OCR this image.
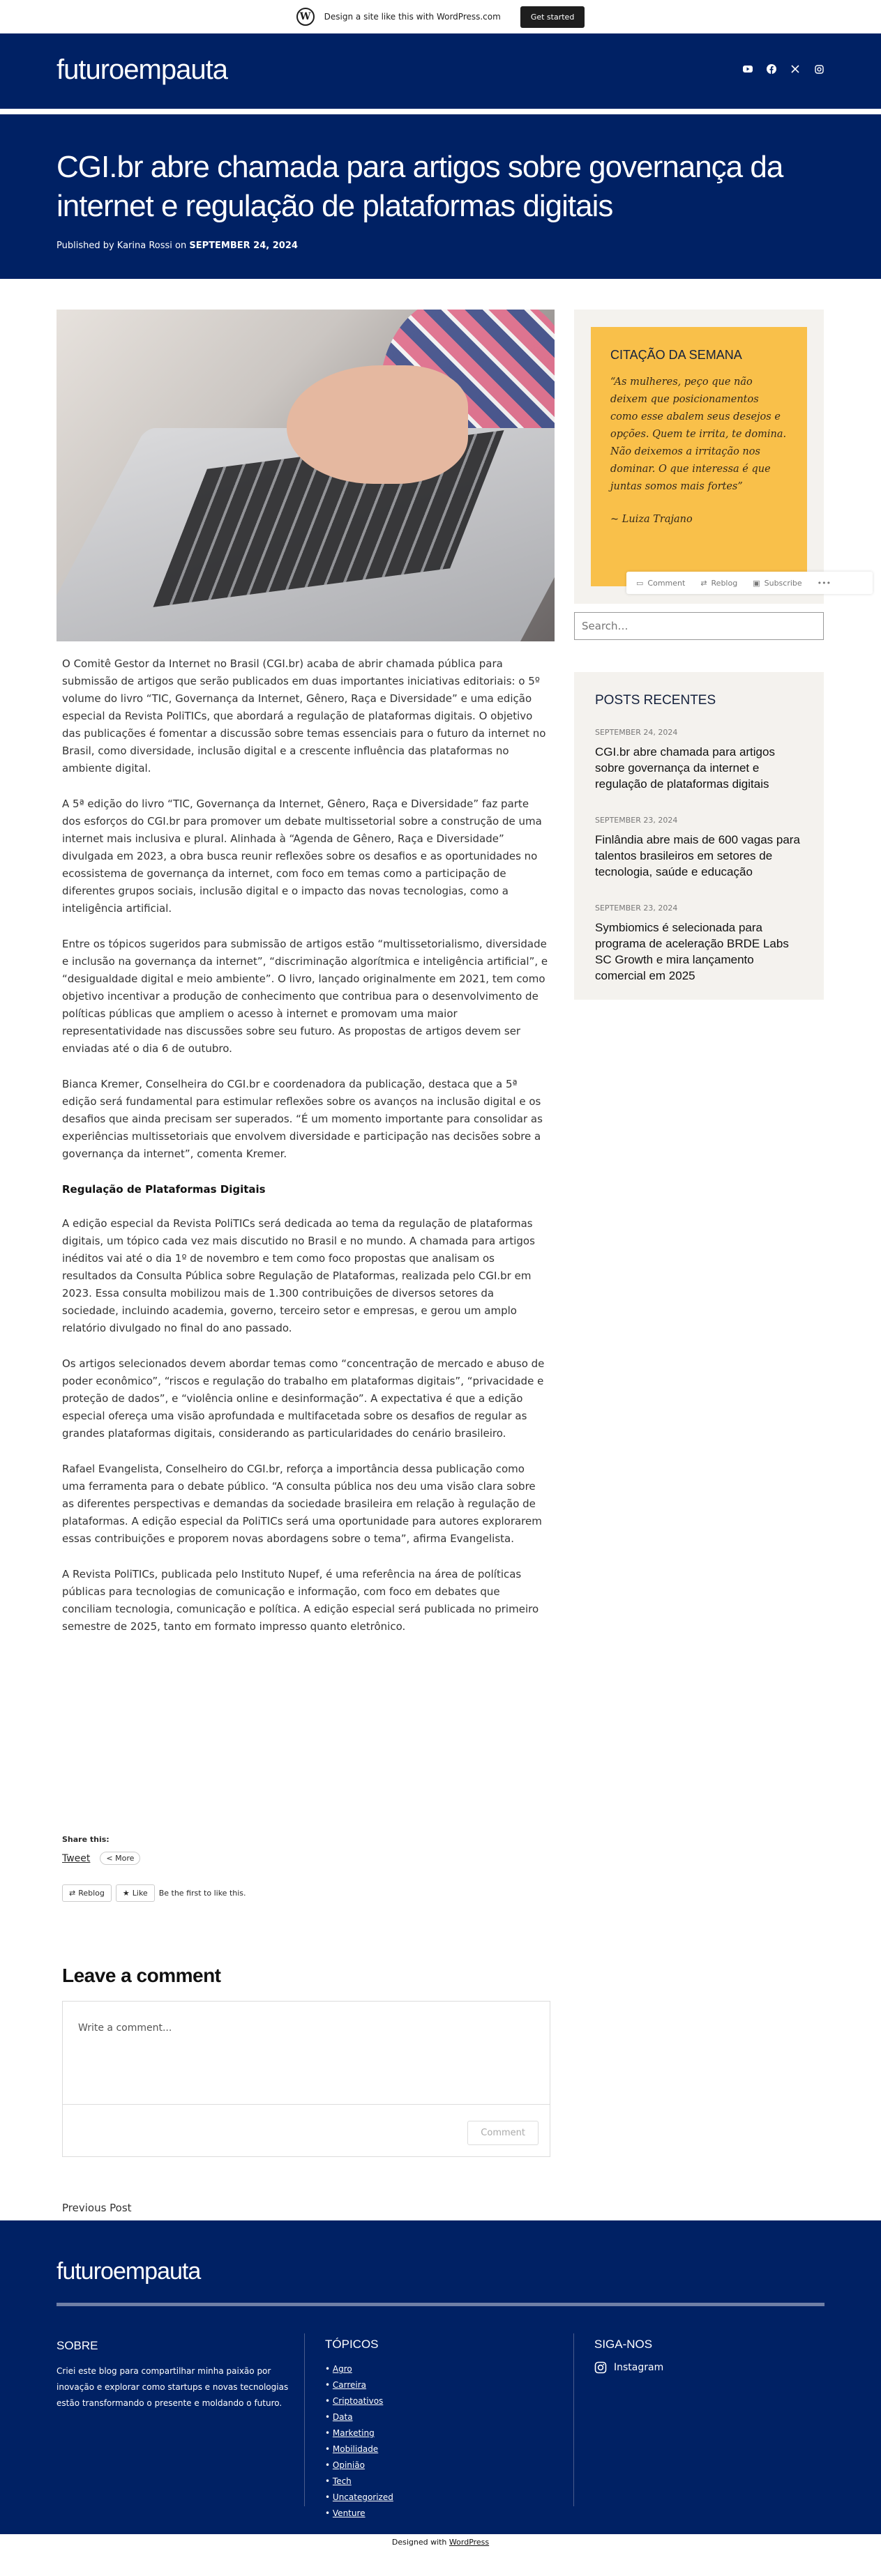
W	Design a site like this with WordPress.com	Get started
futuroempauta
CGI.br abre chamada para artigos sobre governança da internet e regulação de plataformas digitais
Published by Karina Rossi on SEPTEMBER 24, 2024

O Comitê Gestor da Internet no Brasil (CGI.br) acaba de abrir chamada pública para submissão de artigos que serão publicados em duas importantes iniciativas editoriais: o 5º volume do livro “TIC, Governança da Internet, Gênero, Raça e Diversidade” e uma edição especial da Revista PoliTICs, que abordará a regulação de plataformas digitais. O objetivo das publicações é fomentar a discussão sobre temas essenciais para o futuro da internet no Brasil, como diversidade, inclusão digital e a crescente influência das plataformas no ambiente digital.

A 5ª edição do livro “TIC, Governança da Internet, Gênero, Raça e Diversidade” faz parte dos esforços do CGI.br para promover um debate multissetorial sobre a construção de uma internet mais inclusiva e plural. Alinhada à “Agenda de Gênero, Raça e Diversidade” divulgada em 2023, a obra busca reunir reflexões sobre os desafios e as oportunidades no ecossistema de governança da internet, com foco em temas como a participação de diferentes grupos sociais, inclusão digital e o impacto das novas tecnologias, como a inteligência artificial.

Entre os tópicos sugeridos para submissão de artigos estão “multissetorialismo, diversidade e inclusão na governança da internet”, “discriminação algorítmica e inteligência artificial”, e “desigualdade digital e meio ambiente”. O livro, lançado originalmente em 2021, tem como objetivo incentivar a produção de conhecimento que contribua para o desenvolvimento de políticas públicas que ampliem o acesso à internet e promovam uma maior representatividade nas discussões sobre seu futuro. As propostas de artigos devem ser enviadas até o dia 6 de outubro.

Bianca Kremer, Conselheira do CGI.br e coordenadora da publicação, destaca que a 5ª edição será fundamental para estimular reflexões sobre os avanços na inclusão digital e os desafios que ainda precisam ser superados. “É um momento importante para consolidar as experiências multissetoriais que envolvem diversidade e participação nas decisões sobre a governança da internet”, comenta Kremer.

Regulação de Plataformas Digitais

A edição especial da Revista PoliTICs será dedicada ao tema da regulação de plataformas digitais, um tópico cada vez mais discutido no Brasil e no mundo. A chamada para artigos inéditos vai até o dia 1º de novembro e tem como foco propostas que analisam os resultados da Consulta Pública sobre Regulação de Plataformas, realizada pelo CGI.br em 2023. Essa consulta mobilizou mais de 1.300 contribuições de diversos setores da sociedade, incluindo academia, governo, terceiro setor e empresas, e gerou um amplo relatório divulgado no final do ano passado.

Os artigos selecionados devem abordar temas como “concentração de mercado e abuso de poder econômico”, “riscos e regulação do trabalho em plataformas digitais”, “privacidade e proteção de dados”, e “violência online e desinformação”. A expectativa é que a edição especial ofereça uma visão aprofundada e multifacetada sobre os desafios de regular as grandes plataformas digitais, considerando as particularidades do cenário brasileiro.

Rafael Evangelista, Conselheiro do CGI.br, reforça a importância dessa publicação como uma ferramenta para o debate público. “A consulta pública nos deu uma visão clara sobre as diferentes perspectivas e demandas da sociedade brasileira em relação à regulação de plataformas. A edição especial da PoliTICs será uma oportunidade para autores explorarem essas contribuições e proporem novas abordagens sobre o tema”, afirma Evangelista.

A Revista PoliTICs, publicada pelo Instituto Nupef, é uma referência na área de políticas públicas para tecnologias de comunicação e informação, com foco em debates que conciliam tecnologia, comunicação e política. A edição especial será publicada no primeiro semestre de 2025, tanto em formato impresso quanto eletrônico.

Share this:
Tweet	< More
⇄ Reblog ★ Like Be the first to like this.
Leave a comment
Write a comment...
Comment
Previous Post
CITAÇÃO DA SEMANA
“As mulheres, peço que não deixem que posicionamentos como esse abalem seus desejos e opções. Quem te irrita, te domina. Não deixemos a irritação nos dominar. O que interessa é que juntas somos mais fortes”
~ Luiza Trajano
▭ Comment ⇄ Reblog ▣ Subscribe •••
Search…
POSTS RECENTES
SEPTEMBER 24, 2024
CGI.br abre chamada para artigos sobre governança da internet e regulação de plataformas digitais
SEPTEMBER 23, 2024
Finlândia abre mais de 600 vagas para talentos brasileiros em setores de tecnologia, saúde e educação
SEPTEMBER 23, 2024
Symbiomics é selecionada para programa de aceleração BRDE Labs SC Growth e mira lançamento comercial em 2025
futuroempauta
SOBRE
Criei este blog para compartilhar minha paixão por inovação e explorar como startups e novas tecnologias estão transformando o presente e moldando o futuro.
TÓPICOS
• Agro
• Carreira
• Criptoativos
• Data
• Marketing
• Mobilidade
• Opinião
• Tech
• Uncategorized
• Venture
SIGA-NOS
Instagram
Designed with WordPress
